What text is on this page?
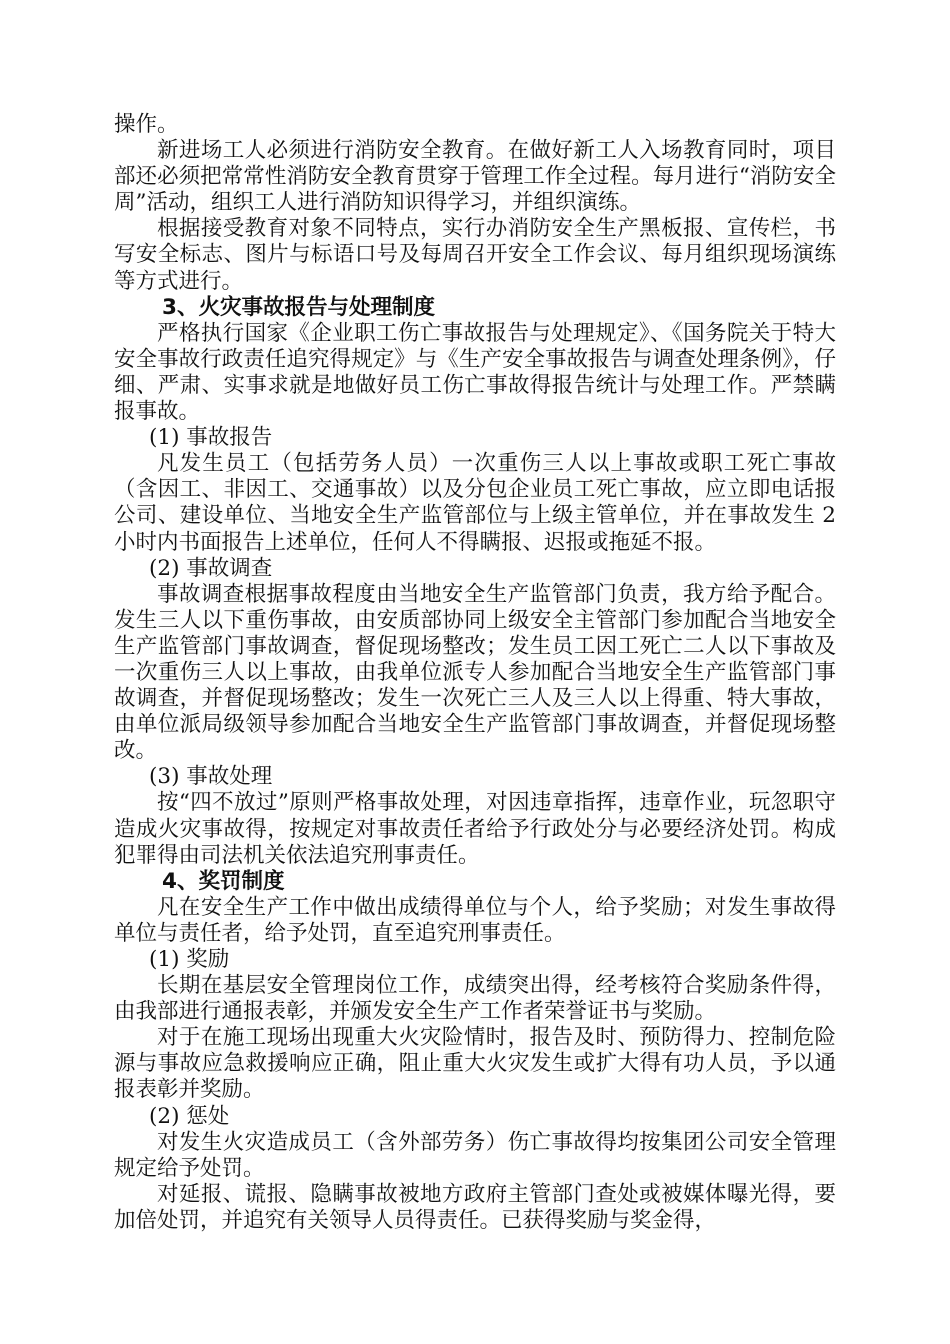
操作。

新进场工人必须进行消防安全教育。在做好新工人入场教育同时，项目部还必须把常常性消防安全教育贯穿于管理工作全过程。每月进行“消防安全周”活动，组织工人进行消防知识得学习，并组织演练。

根据接受教育对象不同特点，实行办消防安全生产黑板报、宣传栏，书写安全标志、图片与标语口号及每周召开安全工作会议、每月组织现场演练等方式进行。

3、火灾事故报告与处理制度

严格执行国家《企业职工伤亡事故报告与处理规定》、《国务院关于特大安全事故行政责任追究得规定》与《生产安全事故报告与调查处理条例》，仔细、严肃、实事求就是地做好员工伤亡事故得报告统计与处理工作。严禁瞒报事故。

(1) 事故报告

凡发生员工（包括劳务人员）一次重伤三人以上事故或职工死亡事故（含因工、非因工、交通事故）以及分包企业员工死亡事故，应立即电话报公司、建设单位、当地安全生产监管部位与上级主管单位，并在事故发生 2 小时内书面报告上述单位，任何人不得瞒报、迟报或拖延不报。

(2) 事故调查

事故调查根据事故程度由当地安全生产监管部门负责，我方给予配合。发生三人以下重伤事故，由安质部协同上级安全主管部门参加配合当地安全生产监管部门事故调查，督促现场整改；发生员工因工死亡二人以下事故及一次重伤三人以上事故，由我单位派专人参加配合当地安全生产监管部门事故调查，并督促现场整改；发生一次死亡三人及三人以上得重、特大事故，由单位派局级领导参加配合当地安全生产监管部门事故调查，并督促现场整改。

(3) 事故处理

按“四不放过”原则严格事故处理，对因违章指挥，违章作业，玩忽职守造成火灾事故得，按规定对事故责任者给予行政处分与必要经济处罚。构成犯罪得由司法机关依法追究刑事责任。

4、奖罚制度

凡在安全生产工作中做出成绩得单位与个人，给予奖励；对发生事故得单位与责任者，给予处罚，直至追究刑事责任。

(1) 奖励

长期在基层安全管理岗位工作，成绩突出得，经考核符合奖励条件得，由我部进行通报表彰，并颁发安全生产工作者荣誉证书与奖励。

对于在施工现场出现重大火灾险情时，报告及时、预防得力、控制危险源与事故应急救援响应正确，阻止重大火灾发生或扩大得有功人员，予以通报表彰并奖励。

(2) 惩处

对发生火灾造成员工（含外部劳务）伤亡事故得均按集团公司安全管理规定给予处罚。

对延报、谎报、隐瞒事故被地方政府主管部门查处或被媒体曝光得，要加倍处罚，并追究有关领导人员得责任。已获得奖励与奖金得，
